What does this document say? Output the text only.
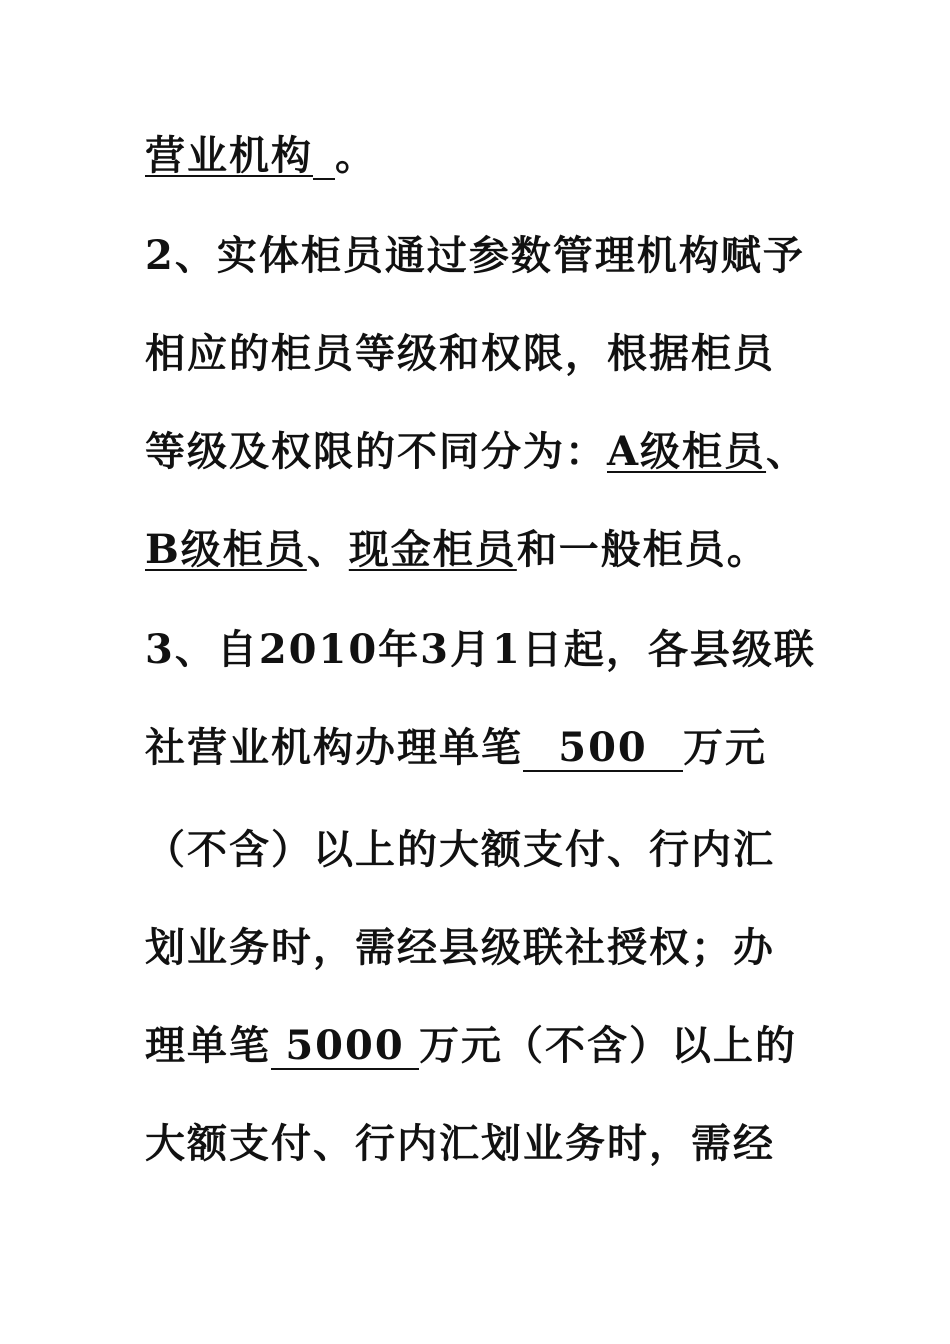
营业机构 。
2、实体柜员通过参数管理机构赋予
相应的柜员等级和权限，根据柜员
等级及权限的不同分为：A级柜员、
B级柜员、现金柜员和一般柜员。
3、自2010年3月1日起，各县级联
社营业机构办理单笔 500 万元
（不含）以上的大额支付、行内汇
划业务时，需经县级联社授权；办
理单笔 5000 万元（不含）以上的
大额支付、行内汇划业务时，需经
